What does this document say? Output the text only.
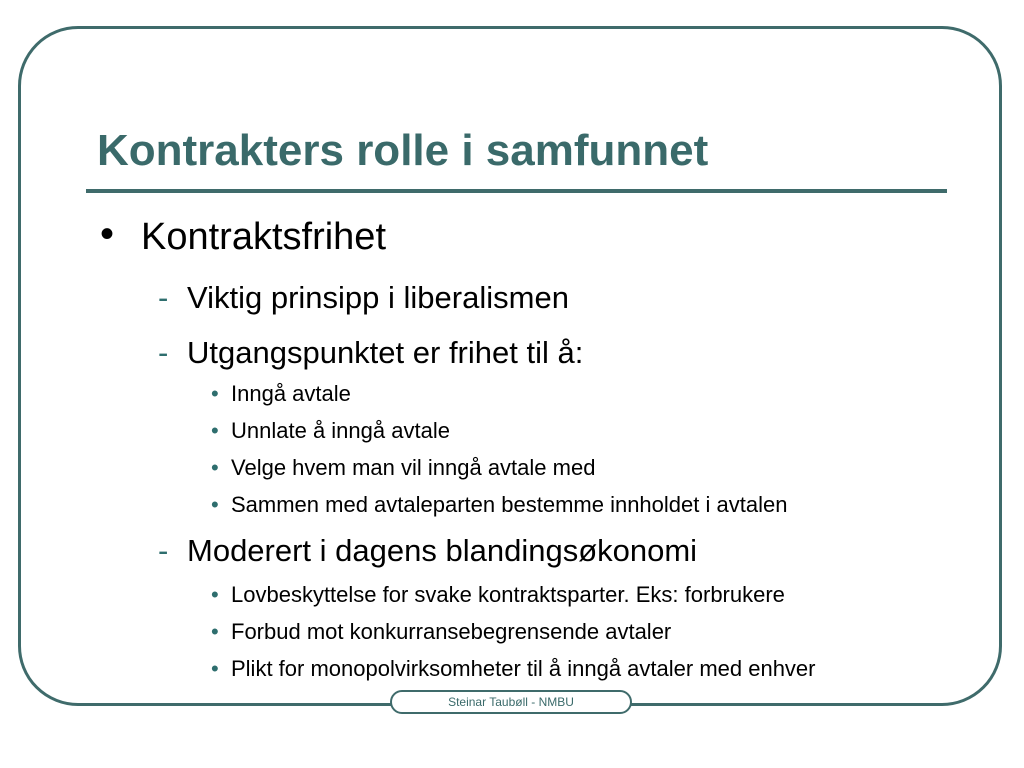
Kontrakters rolle i samfunnet
• Kontraktsfrihet
- Viktig prinsipp i liberalismen
- Utgangspunktet er frihet til å:
• Inngå avtale
• Unnlate å inngå avtale
• Velge hvem man vil inngå avtale med
• Sammen med avtaleparten bestemme innholdet i avtalen
- Moderert i dagens blandingsøkonomi
• Lovbeskyttelse for svake kontraktsparter. Eks: forbrukere
• Forbud mot konkurransebegrensende avtaler
• Plikt for monopolvirksomheter til å inngå avtaler med enhver
Steinar Taubøll - NMBU
